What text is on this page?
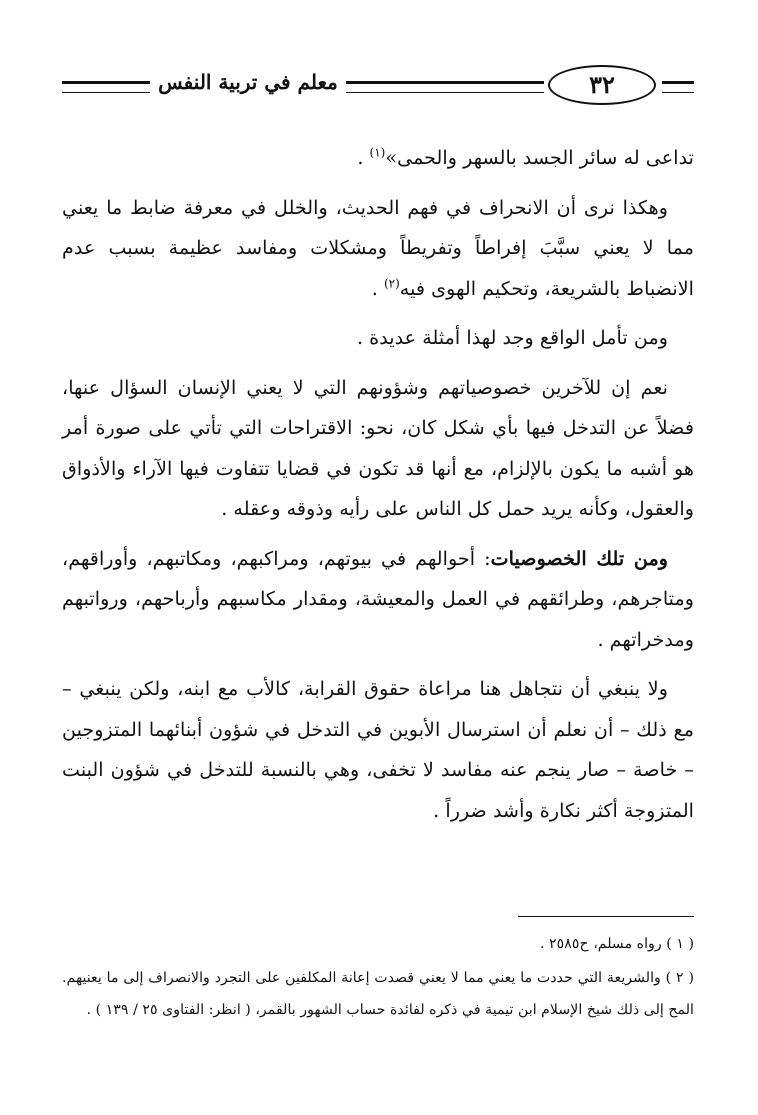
معلم في تربية النفس	٣٢

تداعى له سائر الجسد بالسهر والحمى»$^{(١)}$ .

وهكذا نرى أن الانحراف في فهم الحديث، والخلل في معرفة ضابط ما يعني مما لا يعني سبَّبَ إفراطاً وتفريطاً ومشكلات ومفاسد عظيمة بسبب عدم الانضباط بالشريعة، وتحكيم الهوى فيه$^{(٢)}$ .

ومن تأمل الواقع وجد لهذا أمثلة عديدة .

نعم إن للآخرين خصوصياتهم وشؤونهم التي لا يعني الإنسان السؤال عنها، فضلاً عن التدخل فيها بأي شكل كان، نحو: الاقتراحات التي تأتي على صورة أمر هو أشبه ما يكون بالإلزام، مع أنها قد تكون في قضايا تتفاوت فيها الآراء والأذواق والعقول، وكأنه يريد حمل كل الناس على رأيه وذوقه وعقله .

ومن تلك الخصوصيات: أحوالهم في بيوتهم، ومراكبهم، ومكاتبهم، وأوراقهم، ومتاجرهم، وطرائقهم في العمل والمعيشة، ومقدار مكاسبهم وأرباحهم، ورواتبهم ومدخراتهم .

ولا ينبغي أن نتجاهل هنا مراعاة حقوق القرابة، كالأب مع ابنه، ولكن ينبغي – مع ذلك – أن نعلم أن استرسال الأبوين في التدخل في شؤون أبنائهما المتزوجين – خاصة – صار ينجم عنه مفاسد لا تخفى، وهي بالنسبة للتدخل في شؤون البنت المتزوجة أكثر نكارة وأشد ضرراً .

( ١ ) رواه مسلم، ح٢٥٨٥ .

( ٢ ) والشريعة التي حددت ما يعني مما لا يعني قصدت إعانة المكلفين على التجرد والانصراف إلى ما يعنيهم. المح إلى ذلك شيخ الإسلام ابن تيمية في ذكره لفائدة حساب الشهور بالقمر، ( انظر: الفتاوى ٢٥ / ١٣٩ ) .
